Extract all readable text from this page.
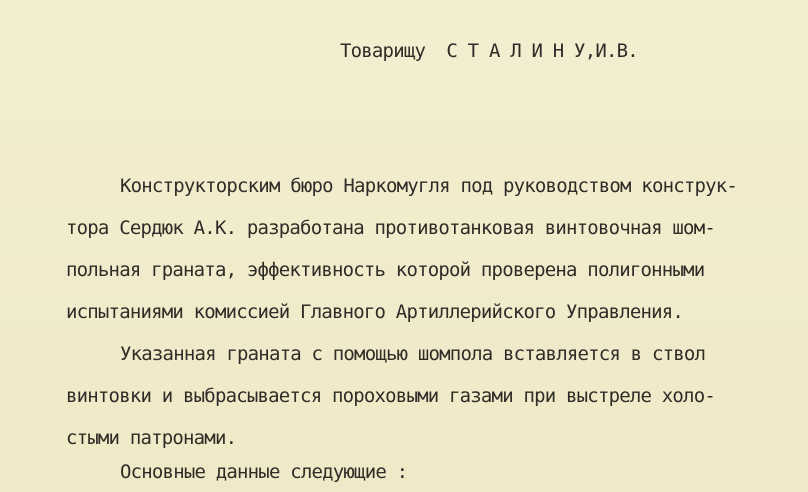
Товарищу  С Т А Л И Н У,И.В.

Конструкторским бюро Наркомугля под руководством конструк-

тора Сердюк А.К. разработана противотанковая винтовочная шом-

польная граната, эффективность которой проверена полигонными

испытаниями комиссией Главного Артиллерийского Управления.

Указанная граната с помощью шомпола вставляется в ствол

винтовки и выбрасывается пороховыми газами при выстреле холо-

стыми патронами.

Основные данные следующие :
